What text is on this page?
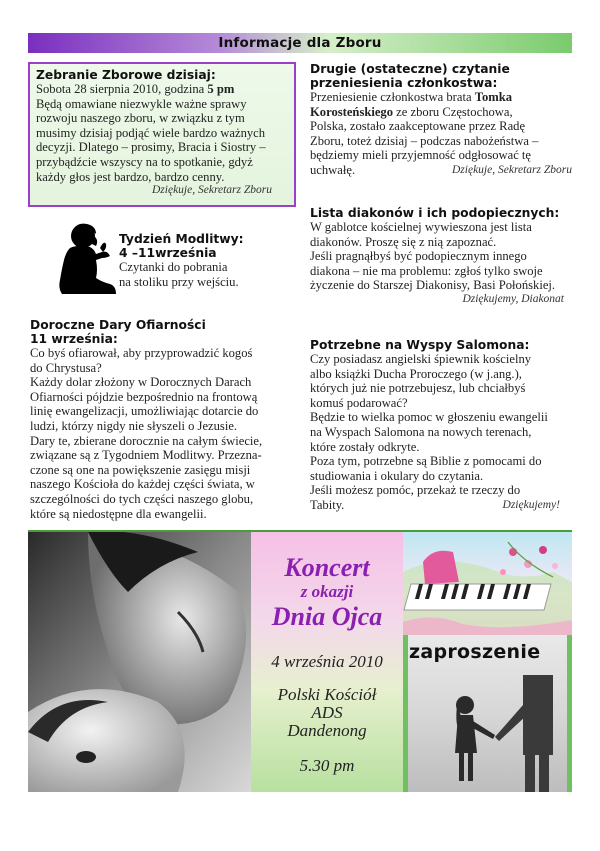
Informacje dla Zboru
Zebranie Zborowe dzisiaj:
Sobota 28 sierpnia 2010, godzina 5 pm
Będą omawiane niezwykle ważne sprawy
rozwoju naszego zboru, w związku z tym
musimy dzisiaj podjąć wiele bardzo ważnych
decyzji. Dlatego – prosimy, Bracia i Siostry –
przybądźcie wszyscy na to spotkanie, gdyż
każdy głos jest bardzo, bardzo cenny.
Dziękuje, Sekretarz Zboru
Tydzień Modlitwy:
4 –11września
Czytanki do pobrania
na stoliku przy wejściu.
Doroczne Dary Ofiarności
11 września:
Co byś ofiarował, aby przyprowadzić kogoś
do Chrystusa?
Każdy dolar złożony w Dorocznych Darach
Ofiarności pójdzie bezpośrednio na frontową
linię ewangelizacji, umożliwiając dotarcie do
ludzi, którzy nigdy nie słyszeli o Jezusie.
Dary te, zbierane dorocznie na całym świecie,
związane są z Tygodniem Modlitwy. Przezna-
czone są one na powiększenie zasięgu misji
naszego Kościoła do każdej części świata, w
szczególności do tych części naszego globu,
które są niedostępne dla ewangelii.
Drugie (ostateczne) czytanie
przeniesienia członkostwa:
Przeniesienie członkostwa brata Tomka
Korosteńskiego ze zboru Częstochowa,
Polska, zostało zaakceptowane przez Radę
Zboru, toteż dzisiaj – podczas nabożeństwa –
będziemy mieli przyjemność odgłosować tę
uchwałę.	Dziękuje, Sekretarz Zboru
Lista diakonów i ich podopiecznych:
W gablotce kościelnej wywieszona jest lista
diakonów. Proszę się z nią zapoznać.
Jeśli pragnąłbyś być podopiecznym innego
diakona – nie ma problemu: zgłoś tylko swoje
życzenie do Starszej Diakonisy, Basi Połońskiej.
Dziękujemy, Diakonat
Potrzebne na Wyspy Salomona:
Czy posiadasz angielski śpiewnik kościelny
albo książki Ducha Proroczego (w j.ang.),
których już nie potrzebujesz, lub chciałbyś
komuś podarować?
Będzie to wielka pomoc w głoszeniu ewangelii
na Wyspach Salomona na nowych terenach,
które zostały odkryte.
Poza tym, potrzebne są Biblie z pomocami do
studiowania i okulary do czytania.
Jeśli możesz pomóc, przekaż te rzeczy do
Tabity.	Dziękujemy!
Koncert
z okazji
Dnia Ojca
4 września 2010
Polski Kościół
ADS
Dandenong
5.30 pm
zaproszenie
